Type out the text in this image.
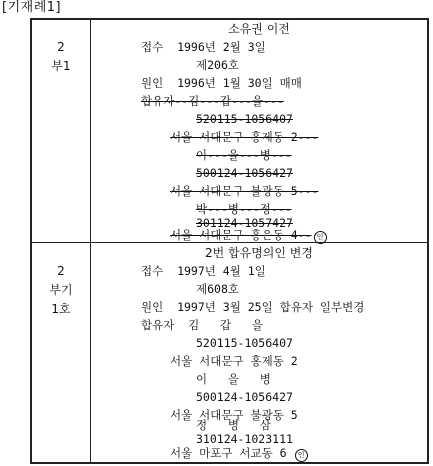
[기재례1]
2
부1
소유권 이전
접수  1996년 2월 3일
제206호
원인  1996년 1월 30일 매매
합유자--김---갑---을---
520115-1056407
서울 서대문구 홍제동 2---
이---을---병---
500124-1056427
서울 서대문구 불광동 5---
박---병---정---
301124-1057427
서울 서대문구 홍은동 4-- 인
2
부기
1호
2번 합유명의인 변경
접수  1997년 4월 1일
제608호
원인  1997년 3월 25일 합유자 일부변경
합유자  김   갑   을
520115-1056407
서울 서대문구 홍제동 2
이   을   병
500124-1056427
서울 서대문구 불광동 5
정   병   삼
310124-1023111
서울 마포구 서교동 6 인
